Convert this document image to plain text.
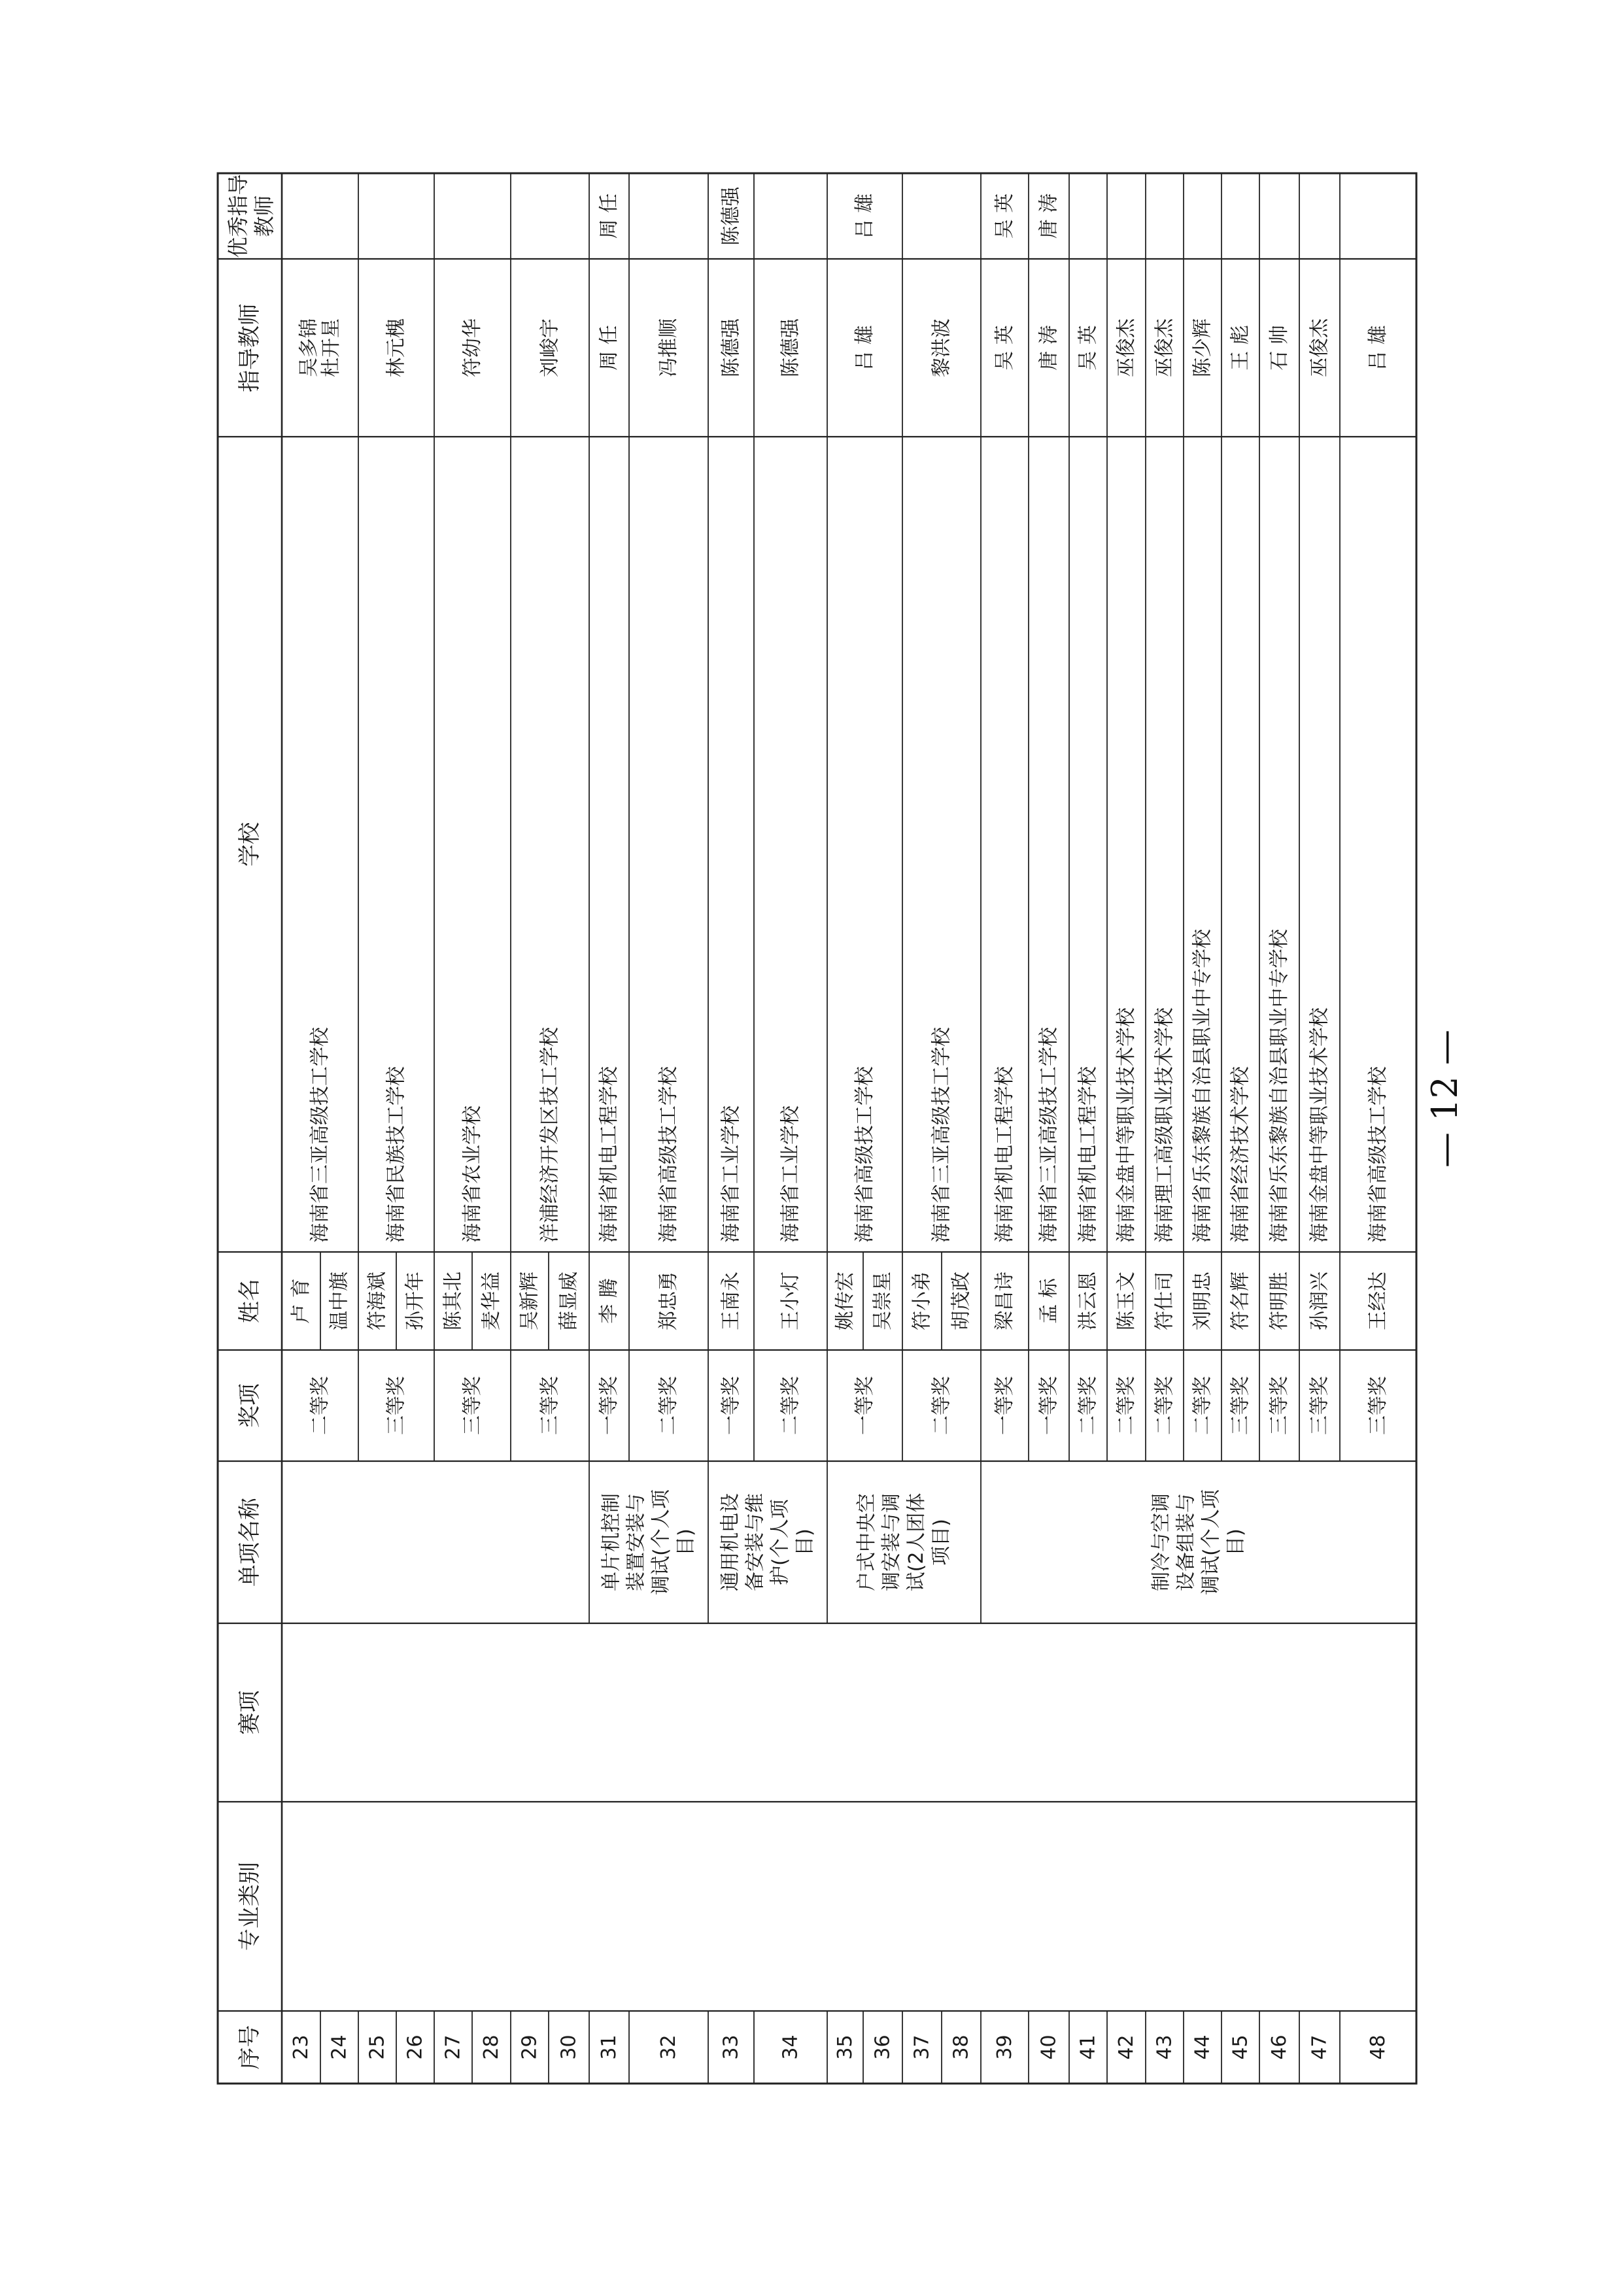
序号
专业类别
赛项
单项名称
奖项
姓名
学校
指导教师
优秀指导 教师
23
卢 育
24
温中旗
25
符海斌
26
孙开年
27
陈其北
28
麦华益
29
吴新辉
30
薛显威
31
李 腾
32
郑忠勇
33
王南永
34
王小灯
35
姚传宏
36
吴崇星
37
符小弟
38
胡茂政
39
梁昌诗
40
孟 标
41
洪云恩
42
陈玉文
43
符仕司
44
刘明忠
45
符名辉
46
符明胜
47
孙润兴
48
王经达
二等奖
海南省三亚高级技工学校
吴多锦 杜开星
三等奖
海南省民族技工学校
林元槐
三等奖
海南省农业学校
符幼华
三等奖
洋浦经济开发区技工学校
刘峻宇
一等奖
海南省机电工程学校
周 任
周 任
二等奖
海南省高级技工学校
冯推顺
一等奖
海南省工业学校
陈德强
陈德强
二等奖
海南省工业学校
陈德强
一等奖
海南省高级技工学校
吕 雄
吕 雄
二等奖
海南省三亚高级技工学校
黎洪波
一等奖
海南省机电工程学校
吴 英
吴 英
一等奖
海南省三亚高级技工学校
唐 涛
唐 涛
二等奖
海南省机电工程学校
吴 英
二等奖
海南金盘中等职业技术学校
巫俊杰
二等奖
海南理工高级职业技术学校
巫俊杰
二等奖
海南省乐东黎族自治县职业中专学校
陈少辉
三等奖
海南省经济技术学校
王 彪
三等奖
海南省乐东黎族自治县职业中专学校
石 帅
三等奖
海南金盘中等职业技术学校
巫俊杰
三等奖
海南省高级技工学校
吕 雄
单片机控制 装置安装与 调试(个人项 目) 通用机电设 备安装与维 护(个人项 目) 户式中央空 调安装与调 试(2人团体 项目)	制冷与空调 设备组装与 调试(个人项 目)
— 12 —
